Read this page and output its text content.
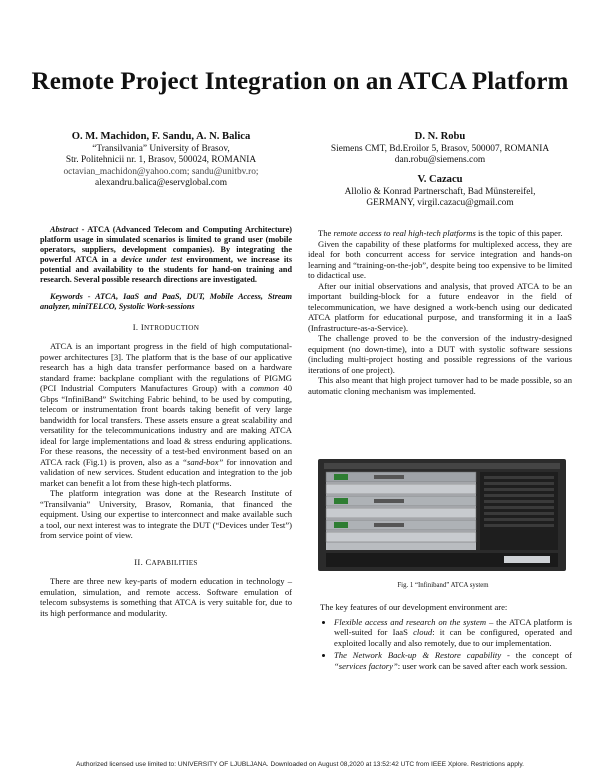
Remote Project Integration on an ATCA Platform
O. M. Machidon, F. Sandu, A. N. Balica
“Transilvania” University of Brasov,
Str. Politehnicii nr. 1, Brasov, 500024, ROMANIA
octavian_machidon@yahoo.com; sandu@unitbv.ro;
alexandru.balica@eservglobal.com
D. N. Robu
Siemens CMT, Bd.Eroilor 5, Brasov, 500007, ROMANIA
dan.robu@siemens.com
V. Cazacu
Allolio & Konrad Partnerschaft, Bad Münstereifel,
GERMANY, virgil.cazacu@gmail.com

Abstract - ATCA (Advanced Telecom and Computing Architecture) platform usage in simulated scenarios is limited to grand user (mobile operators, suppliers, development companies). By integrating the powerful ATCA in a device under test environment, we increase its potential and availability to the students for hand-on training and research. Several possible research directions are investigated.

Keywords - ATCA, IaaS and PaaS, DUT, Mobile Access, Stream analyzer, miniTELCO, Systolic Work-sessions

I. INTRODUCTION

ATCA is an important progress in the field of high computational-power architectures [3]. The platform that is the base of our applicative research has a high data transfer performance based on a hardware standard frame: backplane compliant with the regulations of PIGMG (PCI Industrial Computers Manufactures Group) with a common 40 Gbps “InfiniBand” Switching Fabric behind, to be used by computing, telecom or instrumentation front boards taking benefit of very large bandwidth for local transfers. These assets ensure a great scalability and versatility for the telecommunications industry and are making ATCA ideal for large implementations and load & stress enduring applications. For these reasons, the necessity of a test-bed environment based on an ATCA rack (Fig.1) is proven, also as a “sand-box” for innovation and validation of new services. Student education and integration to the job market can benefit a lot from these high-tech platforms.

The platform integration was done at the Research Institute of “Transilvania” University, Brasov, Romania, that financed the equipment. Using our expertise to interconnect and make available such a tool, our next interest was to integrate the DUT (“Devices under Test”) from service point of view.

II. CAPABILITIES

There are three new key-parts of modern education in technology – emulation, simulation, and remote access. Software emulation of telecom subsystems is something that ATCA is very suitable for, due to its high performance and modularity.

The remote access to real high-tech platforms is the topic of this paper.

Given the capability of these platforms for multiplexed access, they are ideal for both concurrent access for service integration and hands-on learning and “training-on-the-job”, despite being too expensive to be limited to didactical use.

After our initial observations and analysis, that proved ATCA to be an important building-block for a future endeavor in the field of telecommunication, we have designed a work-bench using our dedicated ATCA platform for educational purpose, and transforming it in a IaaS (Infrastructure-as-a-Service).

The challenge proved to be the conversion of the industry-designed equipment (no down-time), into a DUT with systolic software sessions (including multi-project hosting and possible regressions of the various iterations of one project).

This also meant that high project turnover had to be made possible, so an automatic cloning mechanism was implemented.

Fig. 1 “Infiniband” ATCA system
The key features of our development environment are:
• Flexible access and research on the system – the ATCA platform is well-suited for IaaS cloud: it can be configured, operated and exploited locally and also remotely, due to our implementation.
• The Network Back-up & Restore capability - the concept of “services factory”: user work can be saved after each work session.
Authorized licensed use limited to: UNIVERSITY OF LJUBLJANA. Downloaded on August 08,2020 at 13:52:42 UTC from IEEE Xplore. Restrictions apply.
